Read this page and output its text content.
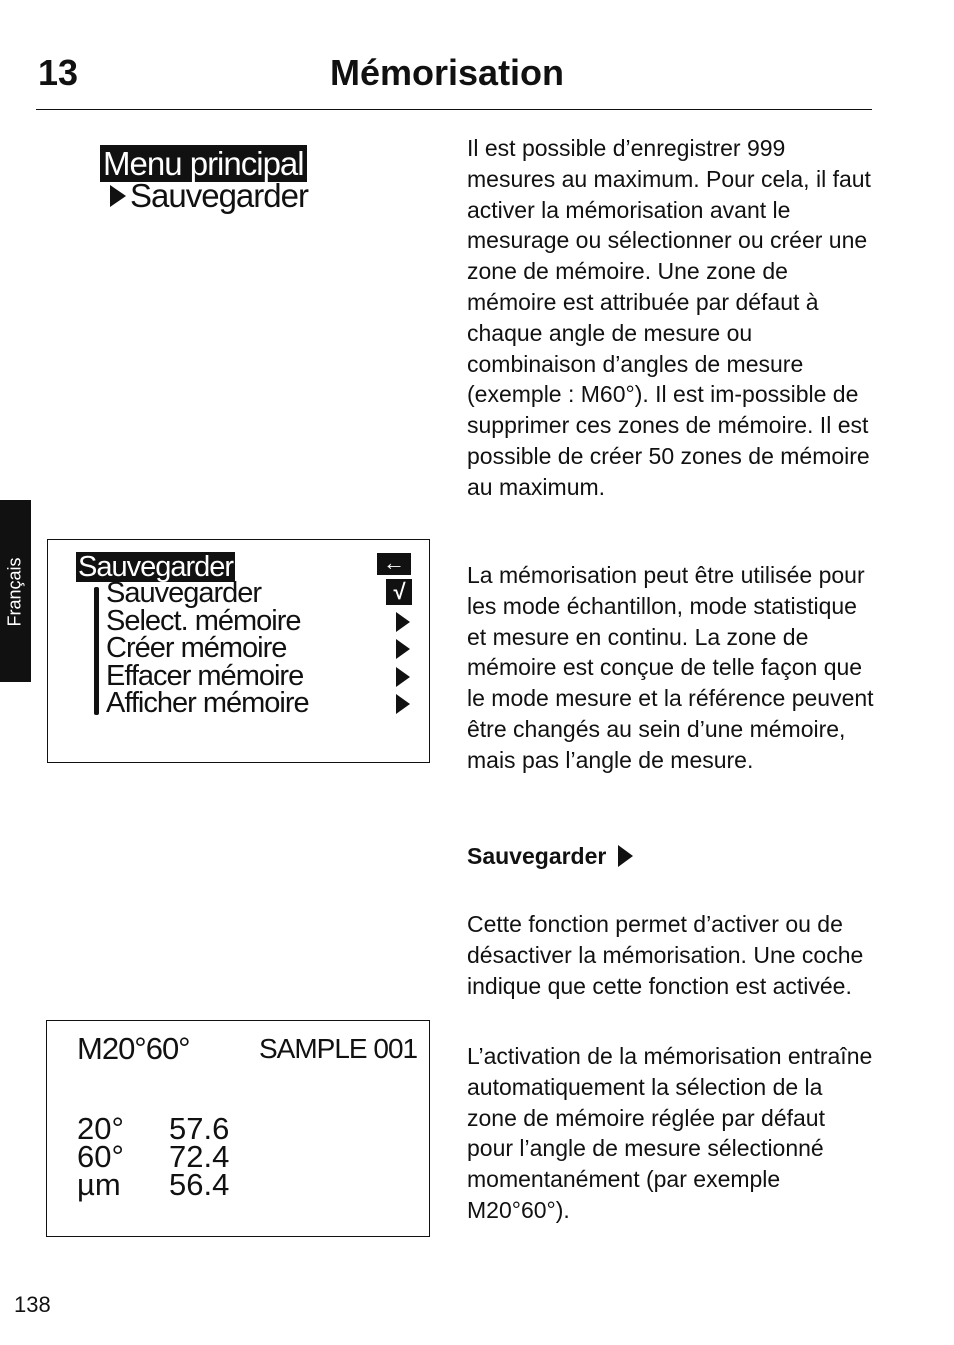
13	Mémorisation
Menu principal
Sauvegarder
Français Sauvegarder	←
Sauvegarder	√
Select. mémoire
Créer mémoire
Effacer mémoire
Afficher mémoire
M20°60° SAMPLE 001
20°	57.6
60°	72.4
µm	56.4

Il est possible d’enregistrer 999 mesures au maximum. Pour cela, il faut activer la mémorisation avant le mesurage ou sélectionner ou créer une zone de mémoire. Une zone de mémoire est attribuée par défaut à chaque angle de mesure ou combinaison d’angles de mesure (exemple : M60°). Il est im-possible de supprimer ces zones de mémoire. Il est possible de créer 50 zones de mémoire au maximum.

La mémorisation peut être utilisée pour les mode échantillon, mode statistique et mesure en continu. La zone de mémoire est conçue de telle façon que le mode mesure et la référence peuvent être changés au sein d’une mémoire, mais pas l’angle de mesure.

Sauvegarder

Cette fonction permet d’activer ou de désactiver la mémorisation. Une coche indique que cette fonction est activée.

L’activation de la mémorisation entraîne automatiquement la sélection de la zone de mémoire réglée par défaut pour l’angle de mesure sélectionné momentanément (par exemple M20°60°).

138
